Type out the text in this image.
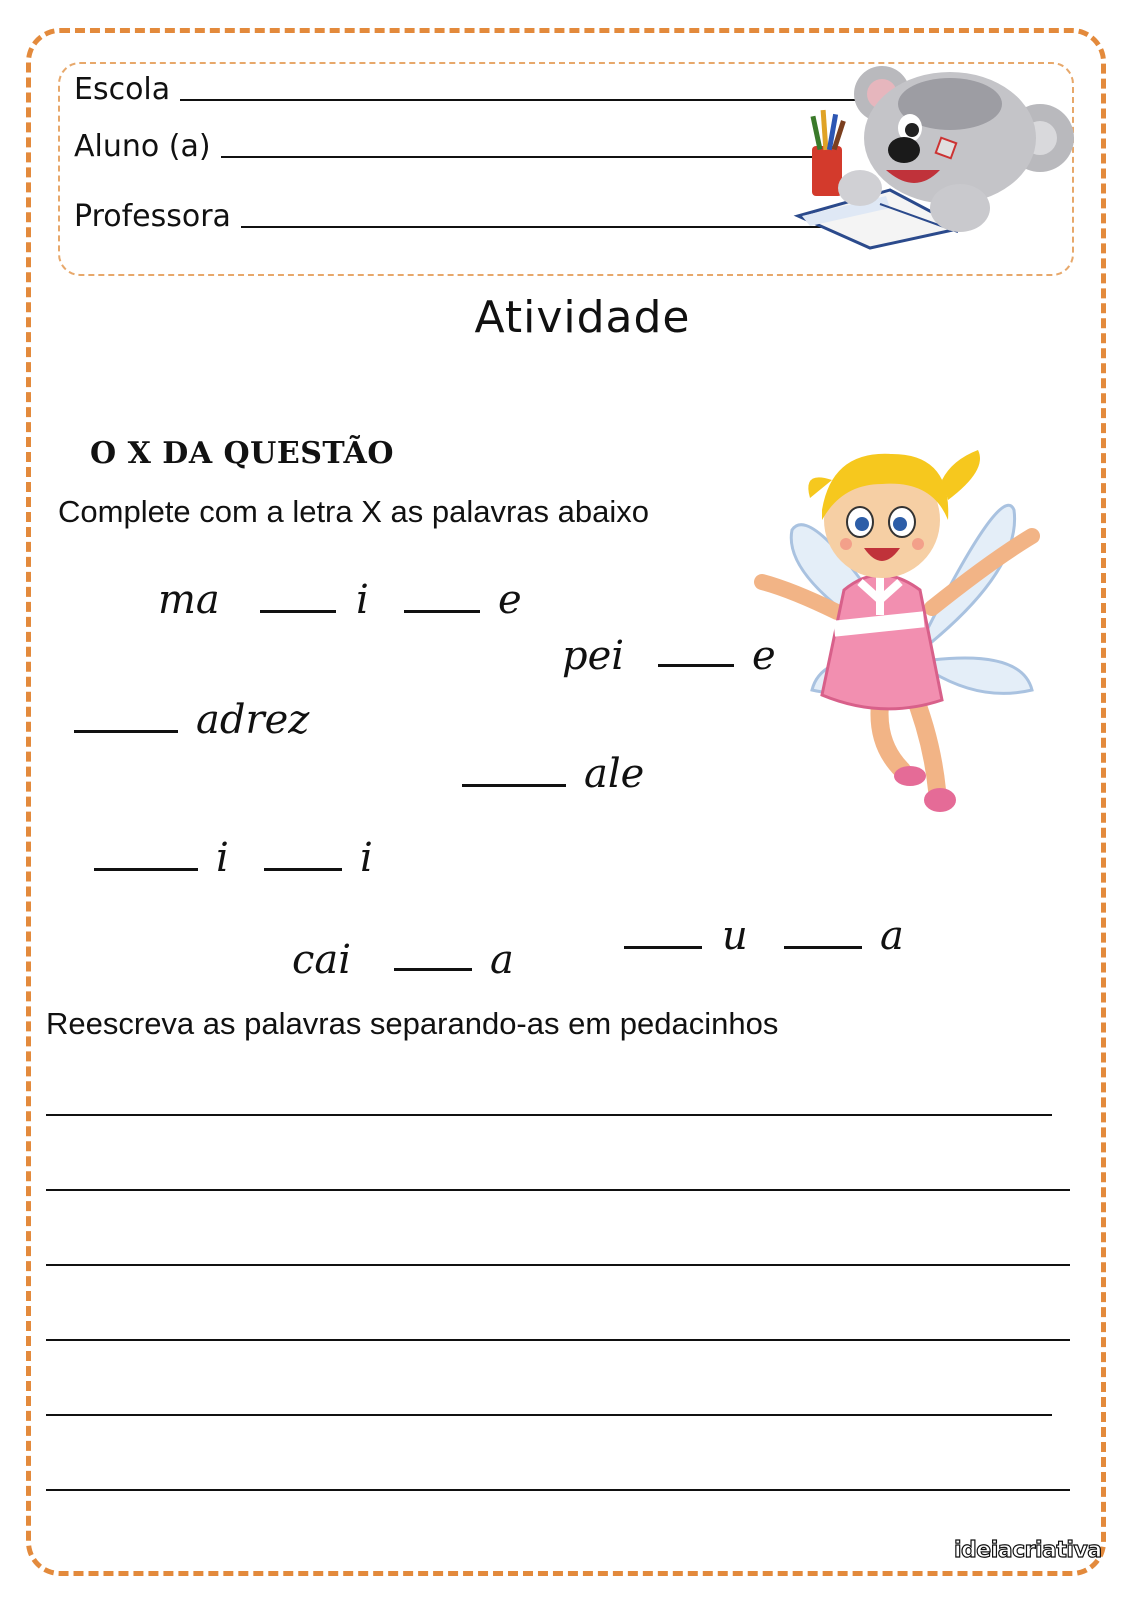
Escola
Aluno (a)
Professora
Atividade
O X DA QUESTÃO
Complete com a letra X as palavras abaixo
ma	i	e
pei	e
adrez
ale
i	i
cai	a
u	a
Reescreva as palavras separando-as em pedacinhos
ideiacriativa
